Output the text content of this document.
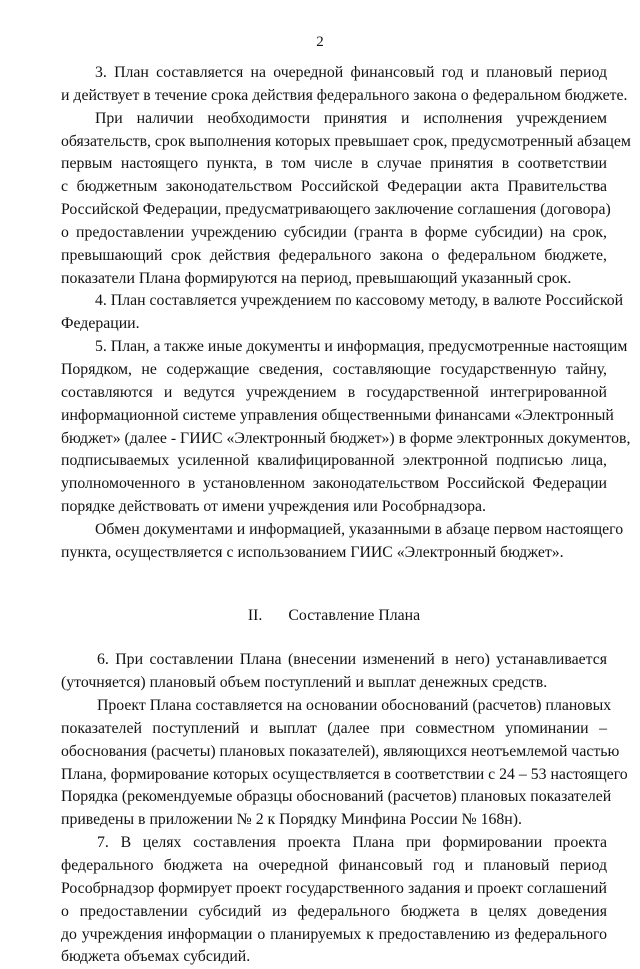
2
3. План составляется на очередной финансовый год и плановый период
и действует в течение срока действия федерального закона о федеральном бюджете.
При наличии необходимости принятия и исполнения учреждением
обязательств, срок выполнения которых превышает срок, предусмотренный абзацем
первым настоящего пункта, в том числе в случае принятия в соответствии
с бюджетным законодательством Российской Федерации акта Правительства
Российской Федерации, предусматривающего заключение соглашения (договора)
о предоставлении учреждению субсидии (гранта в форме субсидии) на срок,
превышающий срок действия федерального закона о федеральном бюджете,
показатели Плана формируются на период, превышающий указанный срок.
4. План составляется учреждением по кассовому методу, в валюте Российской
Федерации.
5. План, а также иные документы и информация, предусмотренные настоящим
Порядком, не содержащие сведения, составляющие государственную тайну,
составляются и ведутся учреждением в государственной интегрированной
информационной системе управления общественными финансами «Электронный
бюджет» (далее - ГИИС «Электронный бюджет») в форме электронных документов,
подписываемых усиленной квалифицированной электронной подписью лица,
уполномоченного в установленном законодательством Российской Федерации
порядке действовать от имени учреждения или Рособрнадзора.
Обмен документами и информацией, указанными в абзаце первом настоящего
пункта, осуществляется с использованием ГИИС «Электронный бюджет».
II. Составление Плана
6. При составлении Плана (внесении изменений в него) устанавливается
(уточняется) плановый объем поступлений и выплат денежных средств.
Проект Плана составляется на основании обоснований (расчетов) плановых
показателей поступлений и выплат (далее при совместном упоминании –
обоснования (расчеты) плановых показателей), являющихся неотъемлемой частью
Плана, формирование которых осуществляется в соответствии с 24 – 53 настоящего
Порядка (рекомендуемые образцы обоснований (расчетов) плановых показателей
приведены в приложении № 2 к Порядку Минфина России № 168н).
7. В целях составления проекта Плана при формировании проекта
федерального бюджета на очередной финансовый год и плановый период
Рособрнадзор формирует проект государственного задания и проект соглашений
о предоставлении субсидий из федерального бюджета в целях доведения
до учреждения информации о планируемых к предоставлению из федерального
бюджета объемах субсидий.
